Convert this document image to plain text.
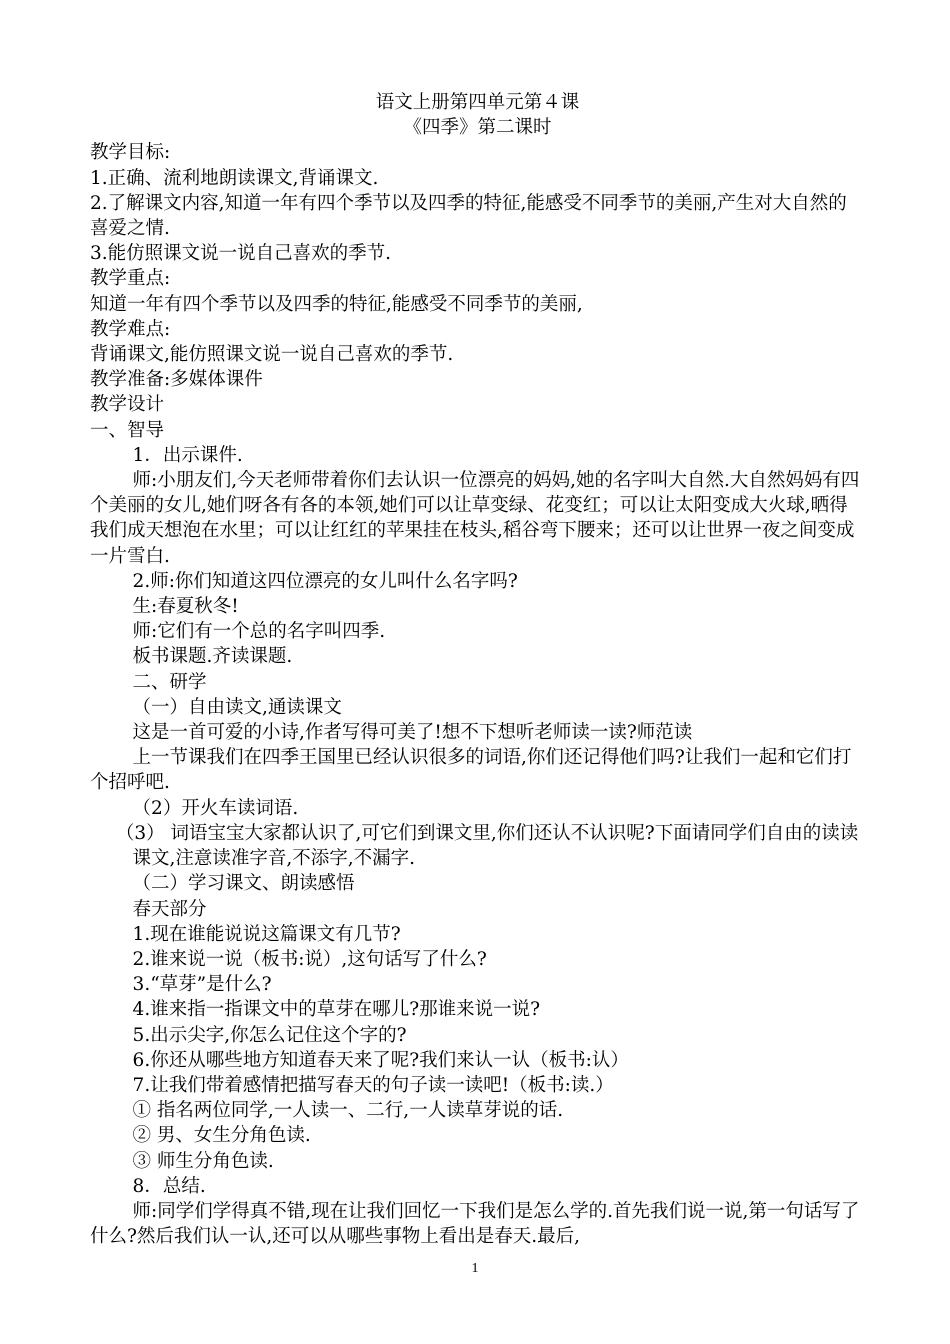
语文上册第四单元第４课

《四季》第二课时

教学目标:

1.正确、流利地朗读课文,背诵课文.

2.了解课文内容,知道一年有四个季节以及四季的特征,能感受不同季节的美丽,产生对大自然的喜爱之情.

3.能仿照课文说一说自己喜欢的季节.

教学重点:

知道一年有四个季节以及四季的特征,能感受不同季节的美丽,

教学难点:

背诵课文,能仿照课文说一说自己喜欢的季节.

教学准备:多媒体课件

教学设计

一、智导

1．出示课件.

师:小朋友们,今天老师带着你们去认识一位漂亮的妈妈,她的名字叫大自然.大自然妈妈有四个美丽的女儿,她们呀各有各的本领,她们可以让草变绿、花变红；可以让太阳变成大火球,晒得我们成天想泡在水里；可以让红红的苹果挂在枝头,稻谷弯下腰来；还可以让世界一夜之间变成一片雪白.

2.师:你们知道这四位漂亮的女儿叫什么名字吗?

生:春夏秋冬!

师:它们有一个总的名字叫四季.

板书课题.齐读课题.

二、研学

（一）自由读文,通读课文

这是一首可爱的小诗,作者写得可美了!想不下想听老师读一读?师范读

上一节课我们在四季王国里已经认识很多的词语,你们还记得他们吗?让我们一起和它们打个招呼吧.

（2）开火车读词语.

（3） 词语宝宝大家都认识了,可它们到课文里,你们还认不认识呢?下面请同学们自由的读读课文,注意读准字音,不添字,不漏字.

（二）学习课文、朗读感悟

春天部分

1.现在谁能说说这篇课文有几节?

2.谁来说一说（板书:说）,这句话写了什么?

3.“草芽”是什么?

4.谁来指一指课文中的草芽在哪儿?那谁来说一说?

5.出示尖字,你怎么记住这个字的?

6.你还从哪些地方知道春天来了呢?我们来认一认（板书:认）

7.让我们带着感情把描写春天的句子读一读吧!（板书:读.）

① 指名两位同学,一人读一、二行,一人读草芽说的话.

② 男、女生分角色读.

③ 师生分角色读.

8．总结.

师:同学们学得真不错,现在让我们回忆一下我们是怎么学的.首先我们说一说,第一句话写了什么?然后我们认一认,还可以从哪些事物上看出是春天.最后,

1
